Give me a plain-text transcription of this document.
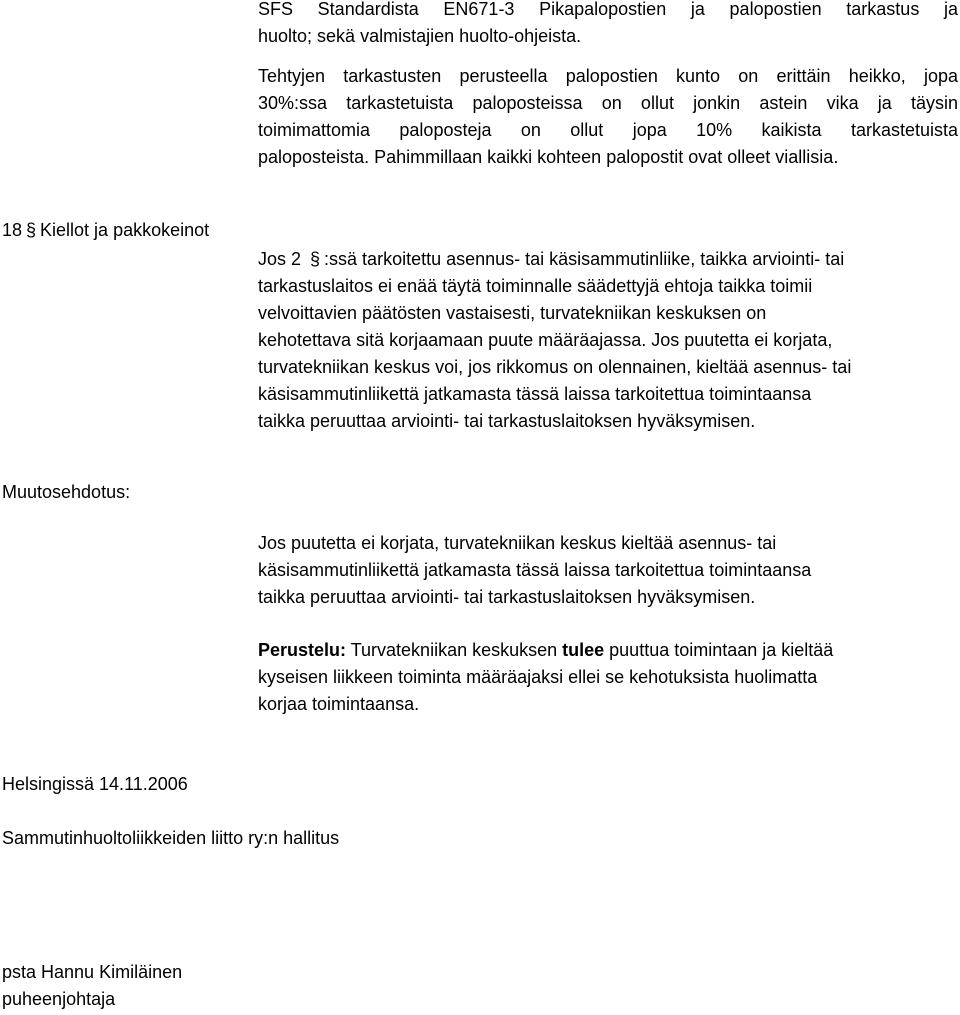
SFS Standardista EN671-3 Pikapalopostien ja palopostien tarkastus ja
huolto; sekä valmistajien huolto-ohjeista.
Tehtyjen tarkastusten perusteella palopostien kunto on erittäin heikko, jopa
30%:ssa tarkastetuista paloposteissa on ollut jonkin astein vika ja täysin
toimimattomia paloposteja on ollut jopa 10% kaikista tarkastetuista
paloposteista. Pahimmillaan kaikki kohteen palopostit ovat olleet viallisia.
18 § Kiellot ja pakkokeinot
Jos 2 § :ssä tarkoitettu asennus- tai käsisammutinliike, taikka arviointi- tai
tarkastuslaitos ei enää täytä toiminnalle säädettyjä ehtoja taikka toimii
velvoittavien päätösten vastaisesti, turvatekniikan keskuksen on
kehotettava sitä korjaamaan puute määräajassa. Jos puutetta ei korjata,
turvatekniikan keskus voi, jos rikkomus on olennainen, kieltää asennus- tai
käsisammutinliikettä jatkamasta tässä laissa tarkoitettua toimintaansa
taikka peruuttaa arviointi- tai tarkastuslaitoksen hyväksymisen.
Muutosehdotus:
Jos puutetta ei korjata, turvatekniikan keskus kieltää asennus- tai
käsisammutinliikettä jatkamasta tässä laissa tarkoitettua toimintaansa
taikka peruuttaa arviointi- tai tarkastuslaitoksen hyväksymisen.
Perustelu: Turvatekniikan keskuksen tulee puuttua toimintaan ja kieltää
kyseisen liikkeen toiminta määräajaksi ellei se kehotuksista huolimatta
korjaa toimintaansa.
Helsingissä 14.11.2006
Sammutinhuoltoliikkeiden liitto ry:n hallitus
psta Hannu Kimiläinen
puheenjohtaja
